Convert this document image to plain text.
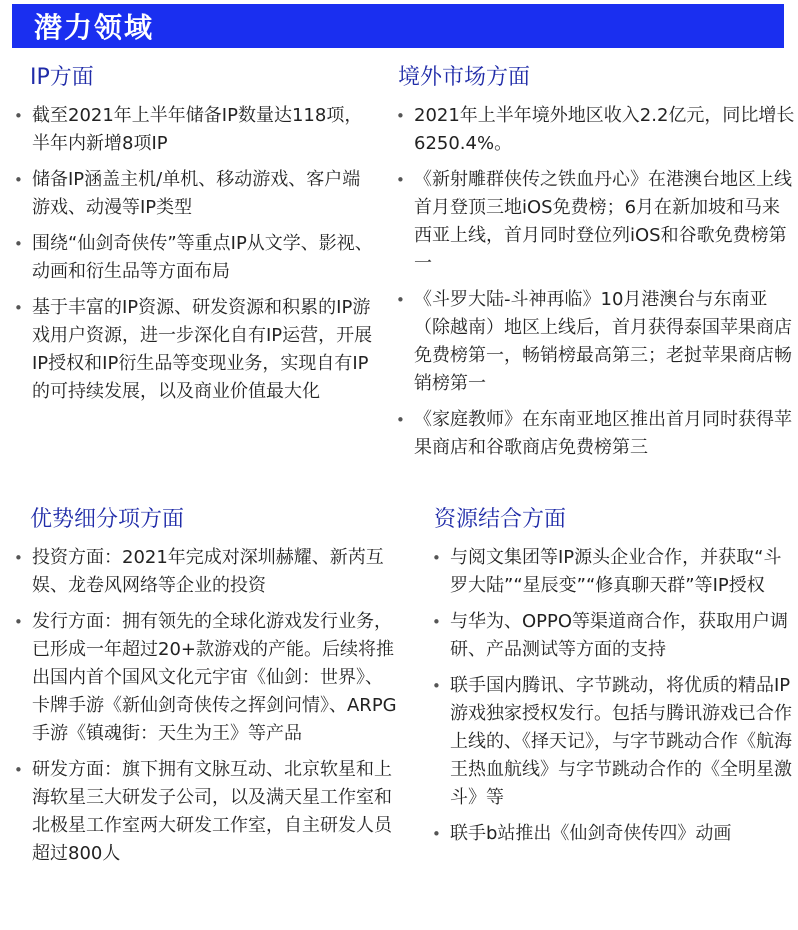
潜力领域
IP方面
• 截至2021年上半年储备IP数量达118项，半年内新增8项IP
• 储备IP涵盖主机/单机、移动游戏、客户端游戏、动漫等IP类型
• 围绕“仙剑奇侠传”等重点IP从文学、影视、动画和衍生品等方面布局
• 基于丰富的IP资源、研发资源和积累的IP游戏用户资源，进一步深化自有IP运营，开展IP授权和IP衍生品等变现业务，实现自有IP的可持续发展，以及商业价值最大化
境外市场方面
• 2021年上半年境外地区收入2.2亿元，同比增长6250.4%。
• 《新射雕群侠传之铁血丹心》在港澳台地区上线首月登顶三地iOS免费榜；6月在新加坡和马来西亚上线，首月同时登位列iOS和谷歌免费榜第一
• 《斗罗大陆-斗神再临》10月港澳台与东南亚（除越南）地区上线后，首月获得泰国苹果商店免费榜第一，畅销榜最高第三；老挝苹果商店畅销榜第一
• 《家庭教师》在东南亚地区推出首月同时获得苹果商店和谷歌商店免费榜第三
优势细分项方面
• 投资方面：2021年完成对深圳赫耀、新芮互娱、龙卷风网络等企业的投资
• 发行方面：拥有领先的全球化游戏发行业务，已形成一年超过20+款游戏的产能。后续将推出国内首个国风文化元宇宙《仙剑：世界》、卡牌手游《新仙剑奇侠传之挥剑问情》、ARPG手游《镇魂街：天生为王》等产品
• 研发方面：旗下拥有文脉互动、北京软星和上海软星三大研发子公司，以及满天星工作室和北极星工作室两大研发工作室，自主研发人员超过800人
资源结合方面
• 与阅文集团等IP源头企业合作，并获取“斗罗大陆”“星辰变”“修真聊天群”等IP授权
• 与华为、OPPO等渠道商合作，获取用户调研、产品测试等方面的支持
• 联手国内腾讯、字节跳动，将优质的精品IP游戏独家授权发行。包括与腾讯游戏已合作上线的、《择天记》，与字节跳动合作《航海王热血航线》与字节跳动合作的《全明星激斗》等
• 联手b站推出《仙剑奇侠传四》动画
